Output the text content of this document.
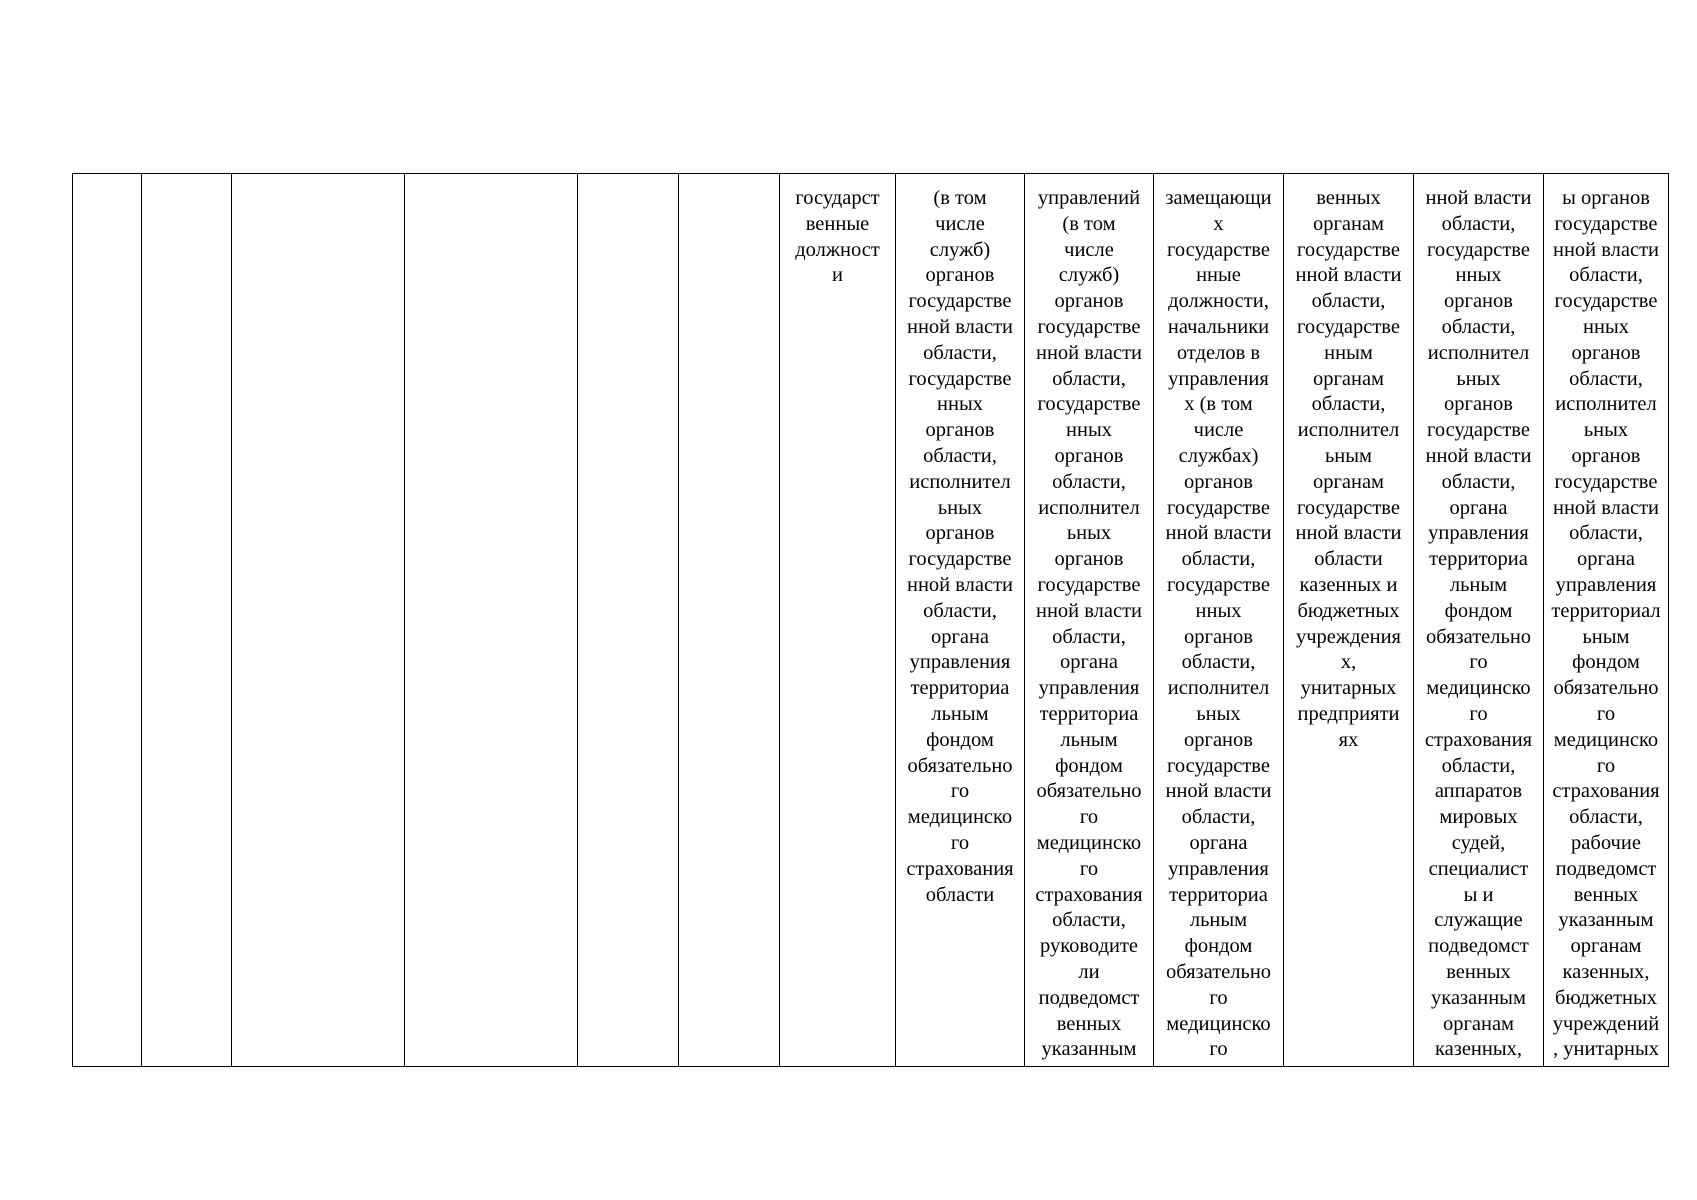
						государст
венные
должност
и	(в том
числе
служб)
органов
государстве
нной власти
области,
государстве
нных
органов
области,
исполнител
ьных
органов
государстве
нной власти
области,
органа
управления
территориа
льным
фондом
обязательно
го
медицинско
го
страхования
области	управлений
(в том
числе
служб)
органов
государстве
нной власти
области,
государстве
нных
органов
области,
исполнител
ьных
органов
государстве
нной власти
области,
органа
управления
территориа
льным
фондом
обязательно
го
медицинско
го
страхования
области,
руководите
ли
подведомст
венных
указанным	замещающи
х
государстве
нные
должности,
начальники
отделов в
управления
х (в том
числе
службах)
органов
государстве
нной власти
области,
государстве
нных
органов
области,
исполнител
ьных
органов
государстве
нной власти
области,
органа
управления
территориа
льным
фондом
обязательно
го
медицинско
го	венных
органам
государстве
нной власти
области,
государстве
нным
органам
области,
исполнител
ьным
органам
государстве
нной власти
области
казенных и
бюджетных
учреждения
х,
унитарных
предприяти
ях	нной власти
области,
государстве
нных
органов
области,
исполнител
ьных
органов
государстве
нной власти
области,
органа
управления
территориа
льным
фондом
обязательно
го
медицинско
го
страхования
области,
аппаратов
мировых
судей,
специалист
ы и
служащие
подведомст
венных
указанным
органам
казенных,	ы органов
государстве
нной власти
области,
государстве
нных
органов
области,
исполнител
ьных
органов
государстве
нной власти
области,
органа
управления
территориал
ьным
фондом
обязательно
го
медицинско
го
страхования
области,
рабочие
подведомст
венных
указанным
органам
казенных,
бюджетных
учреждений
, унитарных
